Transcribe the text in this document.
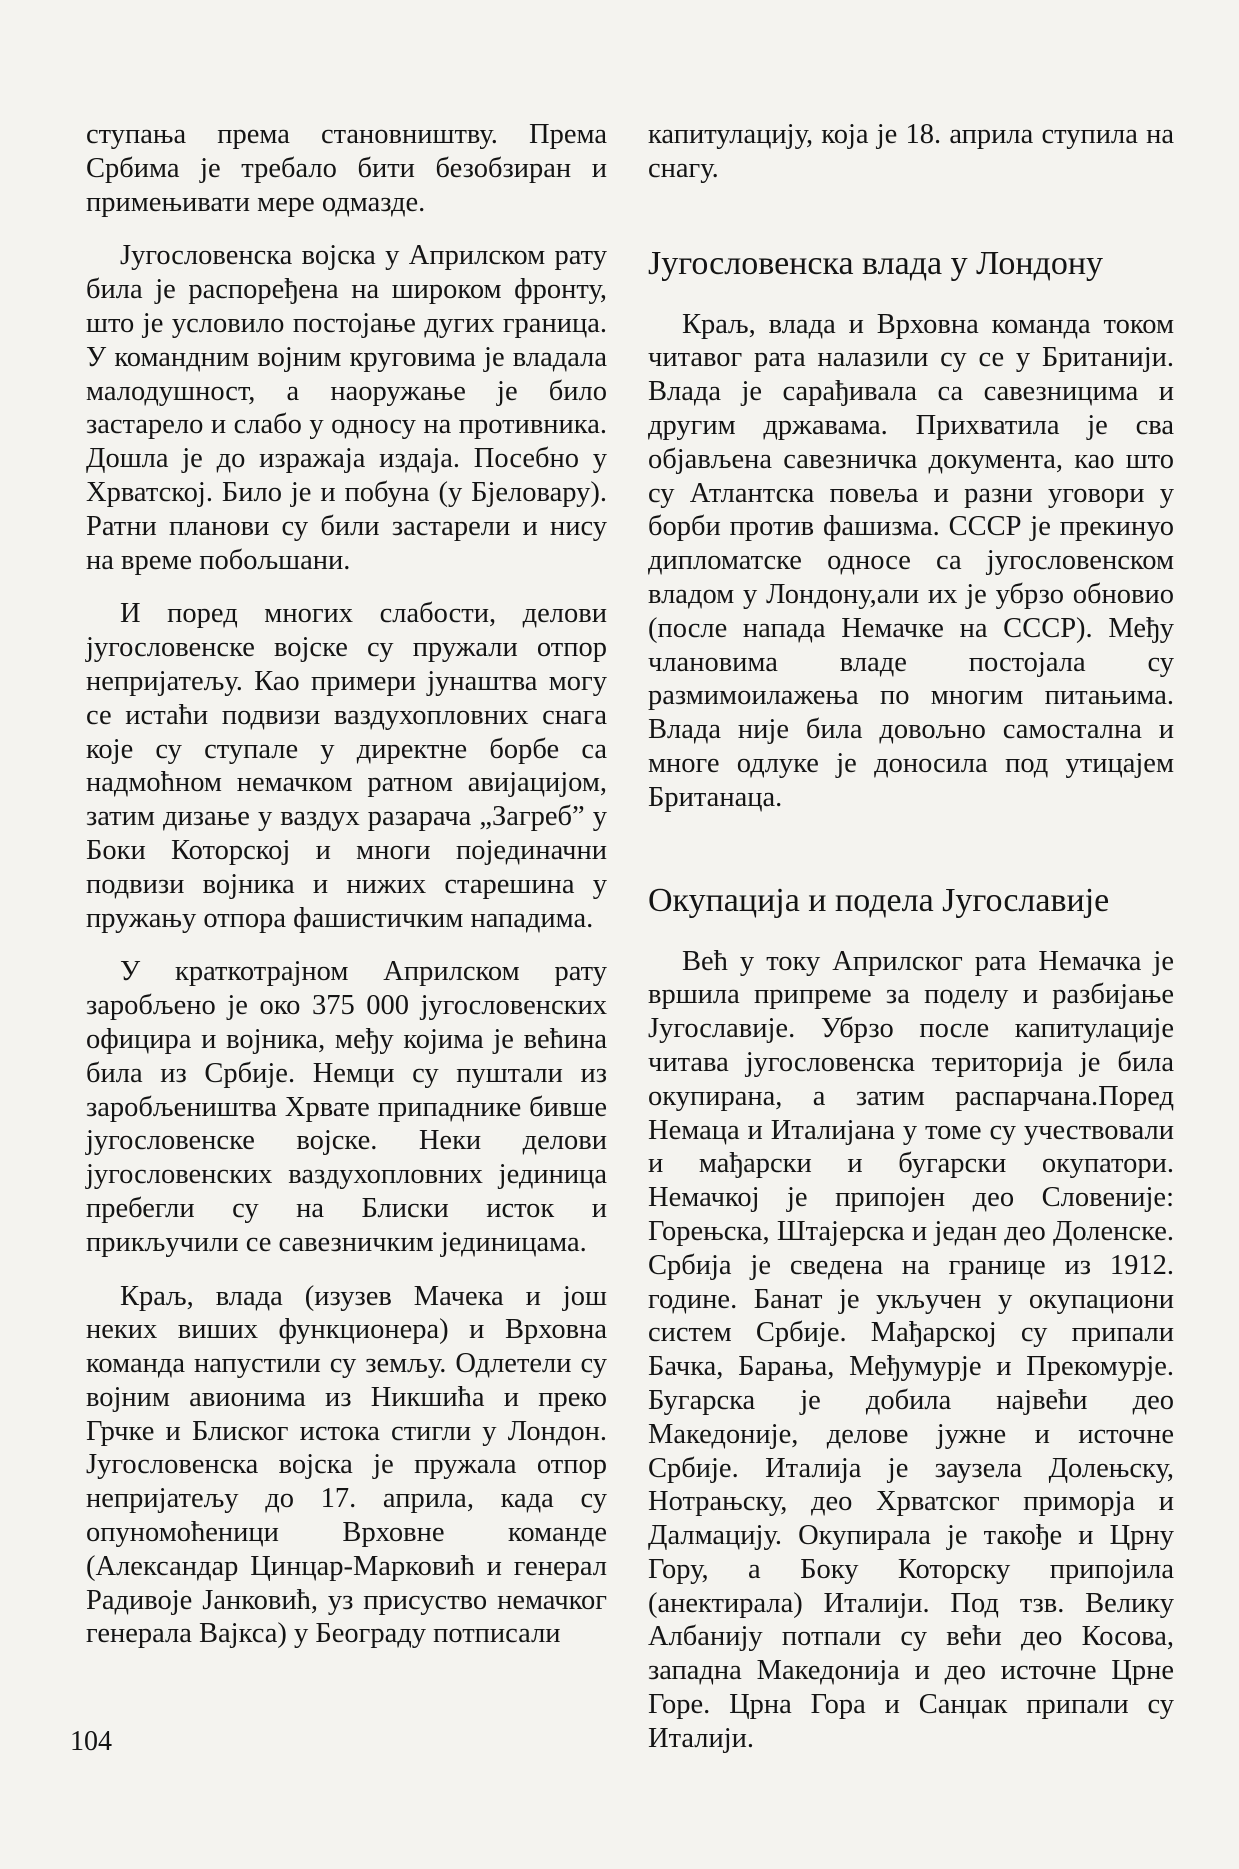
ступања према становништву. Према Србима је требало бити безобзиран и примењивати мере одмазде.

Југословенска војска у Априлском рату била је распоређена на широком фронту, што је условило постојање дугих граница. У командним војним круговима је владала малодушност, а наоружање је било застарело и слабо у односу на противника. Дошла је до изражаја издаја. Посебно у Хрватској. Било је и побуна (у Бјеловару). Ратни планови су били застарели и нису на време побољшани.

И поред многих слабости, делови југословенске војске су пружали отпор непријатељу. Као примери јунаштва могу се истаћи подвизи ваздухопловних снага које су ступале у директне борбе са надмоћном немачком ратном авијацијом, затим дизање у ваздух разарача „Загреб” у Боки Которској и многи појединачни подвизи војника и нижих старешина у пружању отпора фашистичким нападима.

У краткотрајном Априлском рату заробљено је око 375 000 југословенских официра и војника, међу којима је већина била из Србије. Немци су пуштали из заробљеништва Хрвате припаднике бивше југословенске војске. Неки делови југословенских ваздухопловних јединица пребегли су на Блиски исток и прикључили се савезничким јединицама.

Краљ, влада (изузев Мачека и још неких виших функционера) и Врховна команда напустили су земљу. Одлетели су војним авионима из Никшића и преко Грчке и Блиског истока стигли у Лондон. Југословенска војска је пружала отпор непријатељу до 17. априла, када су опуномоћеници Врховне команде (Александар Цинцар-Марковић и генерал Радивоје Јанковић, уз присуство немачког генерала Вајкса) у Београду потписали

капитулацију, која је 18. априла ступила на снагу.

Југословенска влада у Лондону

Краљ, влада и Врховна команда током читавог рата налазили су се у Британији. Влада је сарађивала са савезницима и другим државама. Прихватила је сва објављена савезничка документа, као што су Атлантска повеља и разни уговори у борби против фашизма. СССР је прекинуо дипломатске односе са југословенском владом у Лондону,али их је убрзо обновио (после напада Немачке на СССР). Међу члановима владе постојала су размимоилажења по многим питањима. Влада није била довољно самостална и многе одлуке је доносила под утицајем Британаца.

Окупација и подела Југославије

Већ у току Априлског рата Немачка је вршила припреме за поделу и разбијање Југославије. Убрзо после капитулације читава југословенска територија је била окупирана, а затим распарчана.Поред Немаца и Италијана у томе су учествовали и мађарски и бугарски окупатори. Немачкој је припојен део Словеније: Горењска, Штајерска и један део Доленске. Србија је сведена на границе из 1912. године. Банат је укључен у окупациони систем Србије. Мађарској су припали Бачка, Барања, Међумурје и Прекомурје. Бугарска је добила највећи део Македоније, делове јужне и источне Србије. Италија је заузела Долењску, Нотрањску, део Хрватског приморја и Далмацију. Окупирала је такође и Црну Гору, а Боку Которску припојила (анектирала) Италији. Под тзв. Велику Албанију потпали су већи део Косова, западна Македонија и део источне Црне Горе. Црна Гора и Санџак припали су Италији.

104
